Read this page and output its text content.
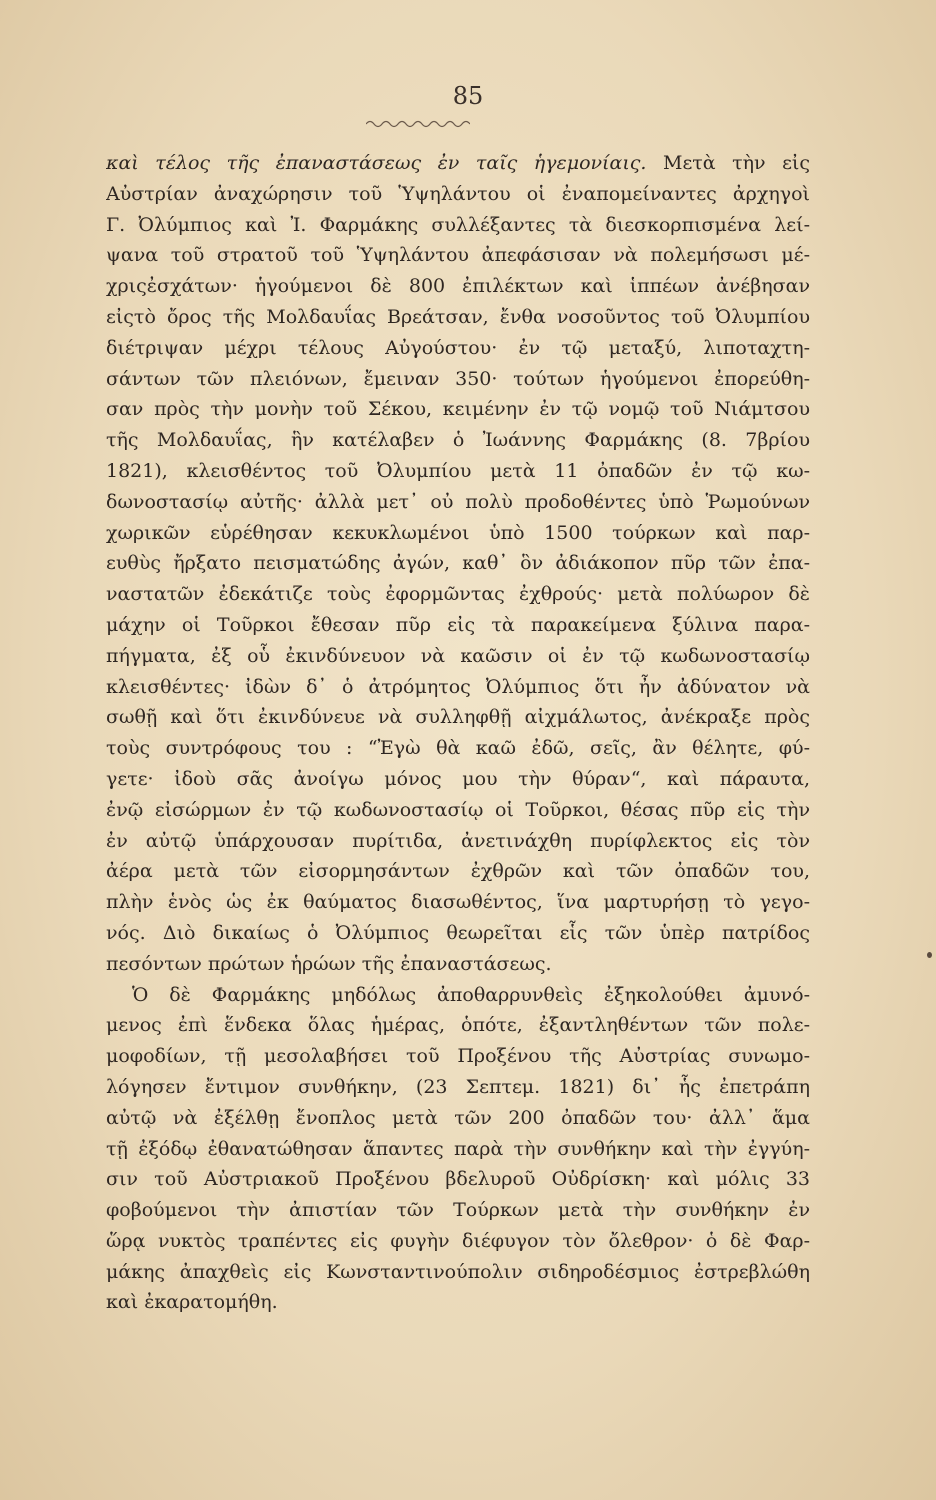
85
καὶ τέλος τῆς ἐπαναστάσεως ἐν ταῖς ἡγεμονίαις. Μετὰ τὴν εἰς
Αὐστρίαν ἀναχώρησιν τοῦ Ὑψηλάντου οἱ ἐναπομείναντες ἀρχηγοὶ
Γ. Ὀλύμπιος καὶ Ἰ. Φαρμάκης συλλέξαντες τὰ διεσκορπισμένα λεί-
ψανα τοῦ στρατοῦ τοῦ Ὑψηλάντου ἀπεφάσισαν νὰ πολεμήσωσι μέ-
χριςἐσχάτων· ἡγούμενοι δὲ 800 ἐπιλέκτων καὶ ἱππέων ἀνέβησαν
εἰςτὸ ὄρος τῆς Μολδαυΐας Βρεάτσαν, ἔνθα νοσοῦντος τοῦ Ὀλυμπίου
διέτριψαν μέχρι τέλους Αὐγούστου· ἐν τῷ μεταξύ, λιποταχτη-
σάντων τῶν πλειόνων, ἔμειναν 350· τούτων ἡγούμενοι ἐπορεύθη-
σαν πρὸς τὴν μονὴν τοῦ Σέκου, κειμένην ἐν τῷ νομῷ τοῦ Νιάμτσου
τῆς Μολδαυΐας, ἣν κατέλαβεν ὁ Ἰωάννης Φαρμάκης (8. 7βρίου
1821), κλεισθέντος τοῦ Ὀλυμπίου μετὰ 11 ὀπαδῶν ἐν τῷ κω-
δωνοστασίῳ αὐτῆς· ἀλλὰ μετ᾽ οὐ πολὺ προδοθέντες ὑπὸ Ῥωμούνων
χωρικῶν εὑρέθησαν κεκυκλωμένοι ὑπὸ 1500 τούρκων καὶ παρ-
ευθὺς ἤρξατο πεισματώδης ἀγών, καθ᾽ ὃν ἀδιάκοπον πῦρ τῶν ἐπα-
ναστατῶν ἐδεκάτιζε τοὺς ἐφορμῶντας ἐχθρούς· μετὰ πολύωρον δὲ
μάχην οἱ Τοῦρκοι ἔθεσαν πῦρ εἰς τὰ παρακείμενα ξύλινα παρα-
πήγματα, ἐξ οὗ ἐκινδύνευον νὰ καῶσιν οἱ ἐν τῷ κωδωνοστασίῳ
κλεισθέντες· ἰδὼν δ᾽ ὁ ἀτρόμητος Ὀλύμπιος ὅτι ἦν ἀδύνατον νὰ
σωθῇ καὶ ὅτι ἐκινδύνευε νὰ συλληφθῇ αἰχμάλωτος, ἀνέκραξε πρὸς
τοὺς συντρόφους του : “Ἐγὼ θὰ καῶ ἐδῶ, σεῖς, ἂν θέλητε, φύ-
γετε· ἰδοὺ σᾶς ἀνοίγω μόνος μου τὴν θύραν“, καὶ πάραυτα,
ἐνῷ εἰσώρμων ἐν τῷ κωδωνοστασίῳ οἱ Τοῦρκοι, θέσας πῦρ εἰς τὴν
ἐν αὐτῷ ὑπάρχουσαν πυρίτιδα, ἀνετινάχθη πυρίφλεκτος εἰς τὸν
ἀέρα μετὰ τῶν εἰσορμησάντων ἐχθρῶν καὶ τῶν ὀπαδῶν του,
πλὴν ἑνὸς ὡς ἐκ θαύματος διασωθέντος, ἵνα μαρτυρήσῃ τὸ γεγο-
νός. Διὸ δικαίως ὁ Ὀλύμπιος θεωρεῖται εἷς τῶν ὑπὲρ πατρίδος
πεσόντων πρώτων ἡρώων τῆς ἐπαναστάσεως.
Ὁ δὲ Φαρμάκης μηδόλως ἀποθαρρυνθεὶς ἐξηκολούθει ἀμυνό-
μενος ἐπὶ ἕνδεκα ὅλας ἡμέρας, ὁπότε, ἐξαντληθέντων τῶν πολε-
μοφοδίων, τῇ μεσολαβήσει τοῦ Προξένου τῆς Αὐστρίας συνωμο-
λόγησεν ἔντιμον συνθήκην, (23 Σεπτεμ. 1821) δι᾽ ἧς ἐπετράπη
αὐτῷ νὰ ἐξέλθῃ ἔνοπλος μετὰ τῶν 200 ὀπαδῶν του· ἀλλ᾽ ἅμα
τῇ ἐξόδῳ ἐθανατώθησαν ἅπαντες παρὰ τὴν συνθήκην καὶ τὴν ἐγγύη-
σιν τοῦ Αὐστριακοῦ Προξένου βδελυροῦ Οὐδρίσκη· καὶ μόλις 33
φοβούμενοι τὴν ἀπιστίαν τῶν Τούρκων μετὰ τὴν συνθήκην ἐν
ὥρᾳ νυκτὸς τραπέντες εἰς φυγὴν διέφυγον τὸν ὄλεθρον· ὁ δὲ Φαρ-
μάκης ἀπαχθεὶς εἰς Κωνσταντινούπολιν σιδηροδέσμιος ἐστρεβλώθη
καὶ ἐκαρατομήθη.
